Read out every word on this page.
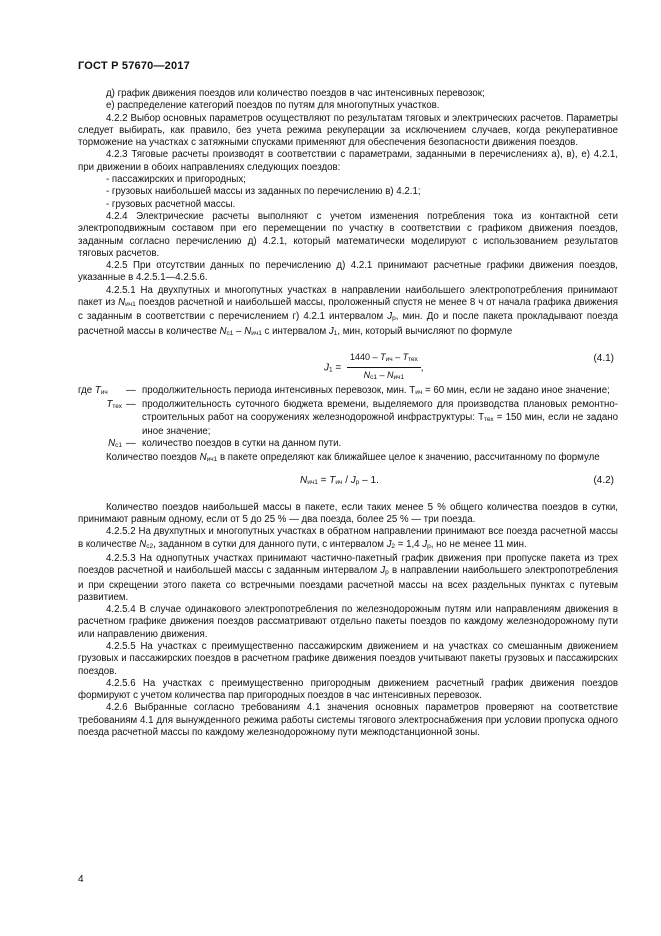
ГОСТ Р 57670—2017

д) график движения поездов или количество поездов в час интенсивных перевозок;

е) распределение категорий поездов по путям для многопутных участков.

4.2.2 Выбор основных параметров осуществляют по результатам тяговых и электрических расчетов. Параметры следует выбирать, как правило, без учета режима рекуперации за исключением случаев, когда рекуперативное торможение на участках с затяжными спусками применяют для обеспечения безопасности движения поездов.

4.2.3 Тяговые расчеты производят в соответствии с параметрами, заданными в перечислениях а), в), е) 4.2.1, при движении в обоих направлениях следующих поездов:

- пассажирских и пригородных;

- грузовых наибольшей массы из заданных по перечислению в) 4.2.1;

- грузовых расчетной массы.

4.2.4 Электрические расчеты выполняют с учетом изменения потребления тока из контактной сети электроподвижным составом при его перемещении по участку в соответствии с графиком движения поездов, заданным согласно перечислению д) 4.2.1, который математически моделируют с использованием результатов тяговых расчетов.

4.2.5 При отсутствии данных по перечислению д) 4.2.1 принимают расчетные графики движения поездов, указанные в 4.2.5.1—4.2.5.6.

4.2.5.1 На двухпутных и многопутных участках в направлении наибольшего электропотребления принимают пакет из Nич1 поездов расчетной и наибольшей массы, проложенный спустя не менее 8 ч от начала графика движения с заданным в соответствии с перечислением г) 4.2.1 интервалом Jр, мин. До и после пакета прокладывают поезда расчетной массы в количестве Nс1 – Nич1 с интервалом J1, мин, который вычисляют по формуле

$J1 = \frac{\text{1440 – Tич – Tтех}}{\text{Nс1 – Nич1}}$ ,
(4.1)
где Tич	—	продолжительность периода интенсивных перевозок, мин. Tич = 60 мин, если не задано иное значение;
Tтех	—	продолжительность суточного бюджета времени, выделяемого для производства плановых ремонтно-строительных работ на сооружениях железнодорожной инфраструктуры: Tтех = 150 мин, если не задано иное значение;
Nс1	—	количество поездов в сутки на данном пути.

Количество поездов Nич1 в пакете определяют как ближайшее целое к значению, рассчитанному по формуле

Nич1 = Tич / Jр – 1.	(4.2)

Количество поездов наибольшей массы в пакете, если таких менее 5 % общего количества поездов в сутки, принимают равным одному, если от 5 до 25 % — два поезда, более 25 % — три поезда.

4.2.5.2 На двухпутных и многопутных участках в обратном направлении принимают все поезда расчетной массы в количестве Nс2, заданном в сутки для данного пути, с интервалом J2 = 1,4 Jр, но не менее 11 мин.

4.2.5.3 На однопутных участках принимают частично-пакетный график движения при пропуске пакета из трех поездов расчетной и наибольшей массы с заданным интервалом Jр в направлении наибольшего электропотребления и при скрещении этого пакета со встречными поездами расчетной массы на всех раздельных пунктах с путевым развитием.

4.2.5.4 В случае одинакового электропотребления по железнодорожным путям или направлениям движения в расчетном графике движения поездов рассматривают отдельно пакеты поездов по каждому железнодорожному пути или направлению движения.

4.2.5.5 На участках с преимущественно пассажирским движением и на участках со смешанным движением грузовых и пассажирских поездов в расчетном графике движения поездов учитывают пакеты грузовых и пассажирских поездов.

4.2.5.6 На участках с преимущественно пригородным движением расчетный график движения поездов формируют с учетом количества пар пригородных поездов в час интенсивных перевозок.

4.2.6 Выбранные согласно требованиям 4.1 значения основных параметров проверяют на соответствие требованиям 4.1 для вынужденного режима работы системы тягового электроснабжения при условии пропуска одного поезда расчетной массы по каждому железнодорожному пути межподстанционной зоны.

4
